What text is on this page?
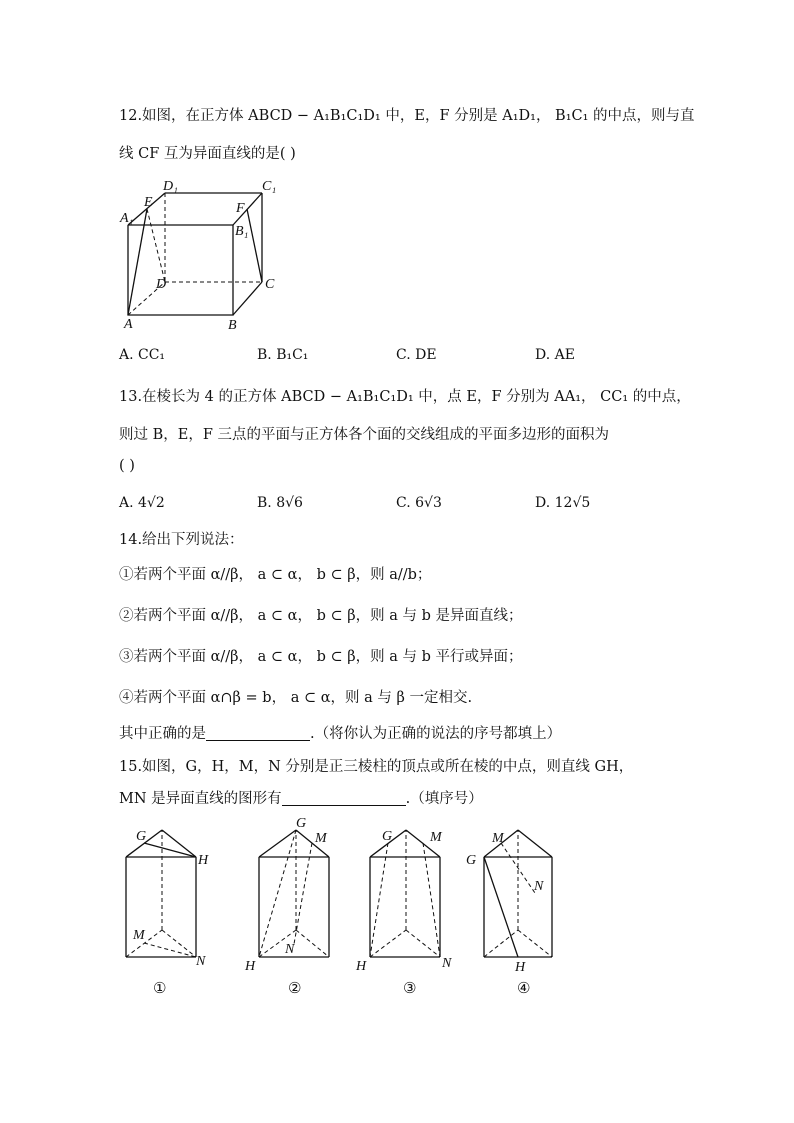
12.如图，在正方体 ABCD − A₁B₁C₁D₁ 中，E，F 分别是 A₁D₁， B₁C₁ 的中点，则与直
线 CF 互为异面直线的是( )
D₁	C₁
E	F
A₁
B₁
D	C
A	B
A. CC₁	B. B₁C₁	C. DE	D. AE
13.在棱长为 4 的正方体 ABCD − A₁B₁C₁D₁ 中，点 E，F 分别为 AA₁， CC₁ 的中点，
则过 B，E，F 三点的平面与正方体各个面的交线组成的平面多边形的面积为
( )
A. 4√2	B. 8√6	C. 6√3	D. 12√5
14.给出下列说法：
①若两个平面 α//β， a ⊂ α， b ⊂ β，则 a//b；
②若两个平面 α//β， a ⊂ α， b ⊂ β，则 a 与 b 是异面直线；
③若两个平面 α//β， a ⊂ α， b ⊂ β，则 a 与 b 平行或异面；
④若两个平面 α∩β = b， a ⊂ α，则 a 与 β 一定相交.
其中正确的是	.（将你认为正确的说法的序号都填上）
15.如图，G，H，M，N 分别是正三棱柱的顶点或所在棱的中点，则直线 GH，
MN 是异面直线的图形有	.（填序号）
G
H
M
N
①
G
M
H
N
②
G	M
H	N
③
M
G
N
H
④
